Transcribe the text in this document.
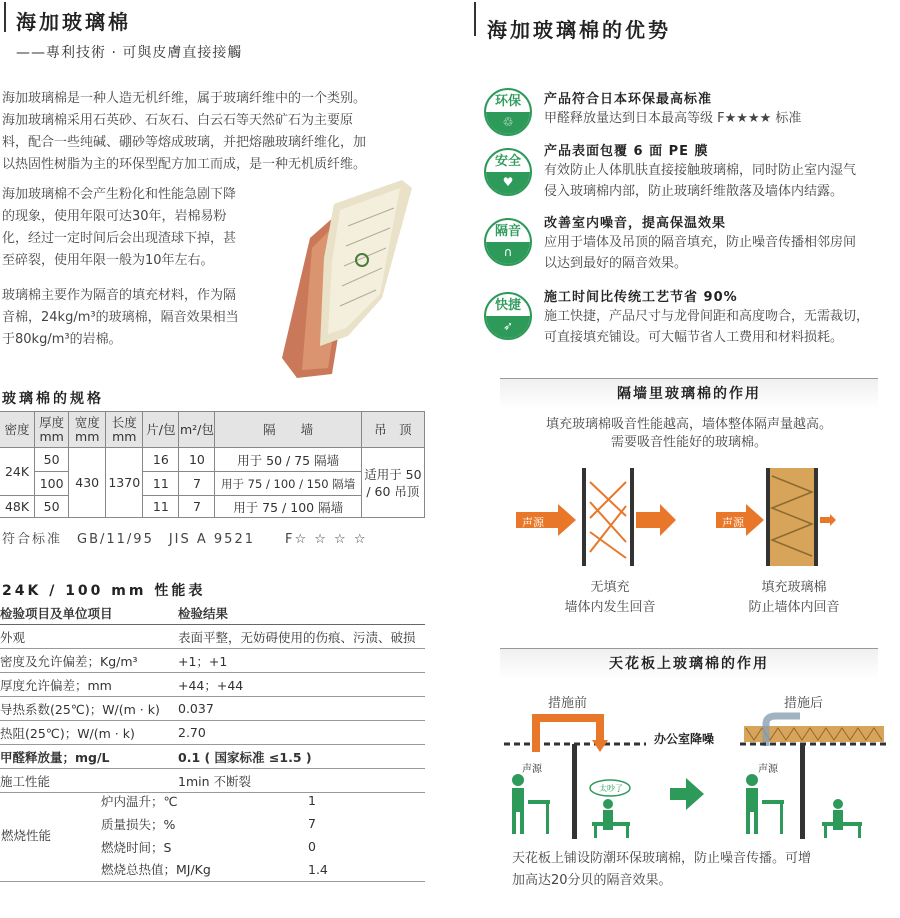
海加玻璃棉
——專利技術 · 可與皮膚直接接觸

海加玻璃棉是一种人造无机纤维，属于玻璃纤维中的一个类别。

海加玻璃棉采用石英砂、石灰石、白云石等天然矿石为主要原

料，配合一些纯碱、硼砂等熔成玻璃，并把熔融玻璃纤维化，加

以热固性树脂为主的环保型配方加工而成，是一种无机质纤维。

海加玻璃棉不会产生粉化和性能急剧下降

的现象，使用年限可达30年，岩棉易粉

化，经过一定时间后会出现渣球下掉，甚

至碎裂，使用年限一般为10年左右。

玻璃棉主要作为隔音的填充材料，作为隔

音棉，24kg/m³的玻璃棉，隔音效果相当

于80kg/m³的岩棉。

玻璃棉的规格
密度	厚度 mm	宽度 mm	长度 mm	片/包	m²/包	隔　　墙	吊　顶
24K	50	430	1370	16	10	用于 50 / 75 隔墙	适用于 50 / 60 吊顶
	100			11	7	用于 75 / 100 / 150 隔墙	
48K	50			11	7	用于 75 / 100 隔墙	
符合标准　GB/11/95　JIS A 9521　　F☆ ☆ ☆ ☆
24K / 100 mm 性能表
检验项目及单位项目	检验结果
外观	表面平整，无妨碍使用的伤痕、污渍、破损
密度及允许偏差；Kg/m³	+1；+1
厚度允许偏差；mm	+44；+44
导热系数(25℃)；W/(m · k)	0.037
热阻(25℃)；W/(m · k)	2.70
甲醛释放量；mg/L	0.1 ( 国家标准 ≤1.5 )
施工性能	1min 不断裂
燃烧性能	炉内温升；℃	1
	质量损失；%	7
	燃烧时间；S	0
	燃烧总热值；MJ/Kg	1.4
海加玻璃棉的优势
环保
♲
产品符合日本环保最高标准

甲醛释放量达到日本最高等级 F★★★★ 标准

安全
♥
产品表面包覆 6 面 PE 膜
有效防止人体肌肤直接接触玻璃棉，同时防止室内湿气
侵入玻璃棉内部，防止玻璃纤维散落及墙体内结露。
隔音
∩
改善室内噪音，提高保温效果
应用于墙体及吊顶的隔音填充，防止噪音传播相邻房间
以达到最好的隔音效果。
快捷
➶
施工时间比传统工艺节省 90%
施工快捷，产品尺寸与龙骨间距和高度吻合，无需裁切，
可直接填充铺设。可大幅节省人工费用和材料损耗。
隔墙里玻璃棉的作用
填充玻璃棉吸音性能越高，墙体整体隔声量越高。
需要吸音性能好的玻璃棉。
声源	声源
无填充
墙体内发生回音
填充玻璃棉
防止墙体内回音
天花板上玻璃棉的作用
措施前	措施后
办公室降噪
声源	声源
太吵了
天花板上铺设防潮环保玻璃棉，防止噪音传播。可增
加高达20分贝的隔音效果。
